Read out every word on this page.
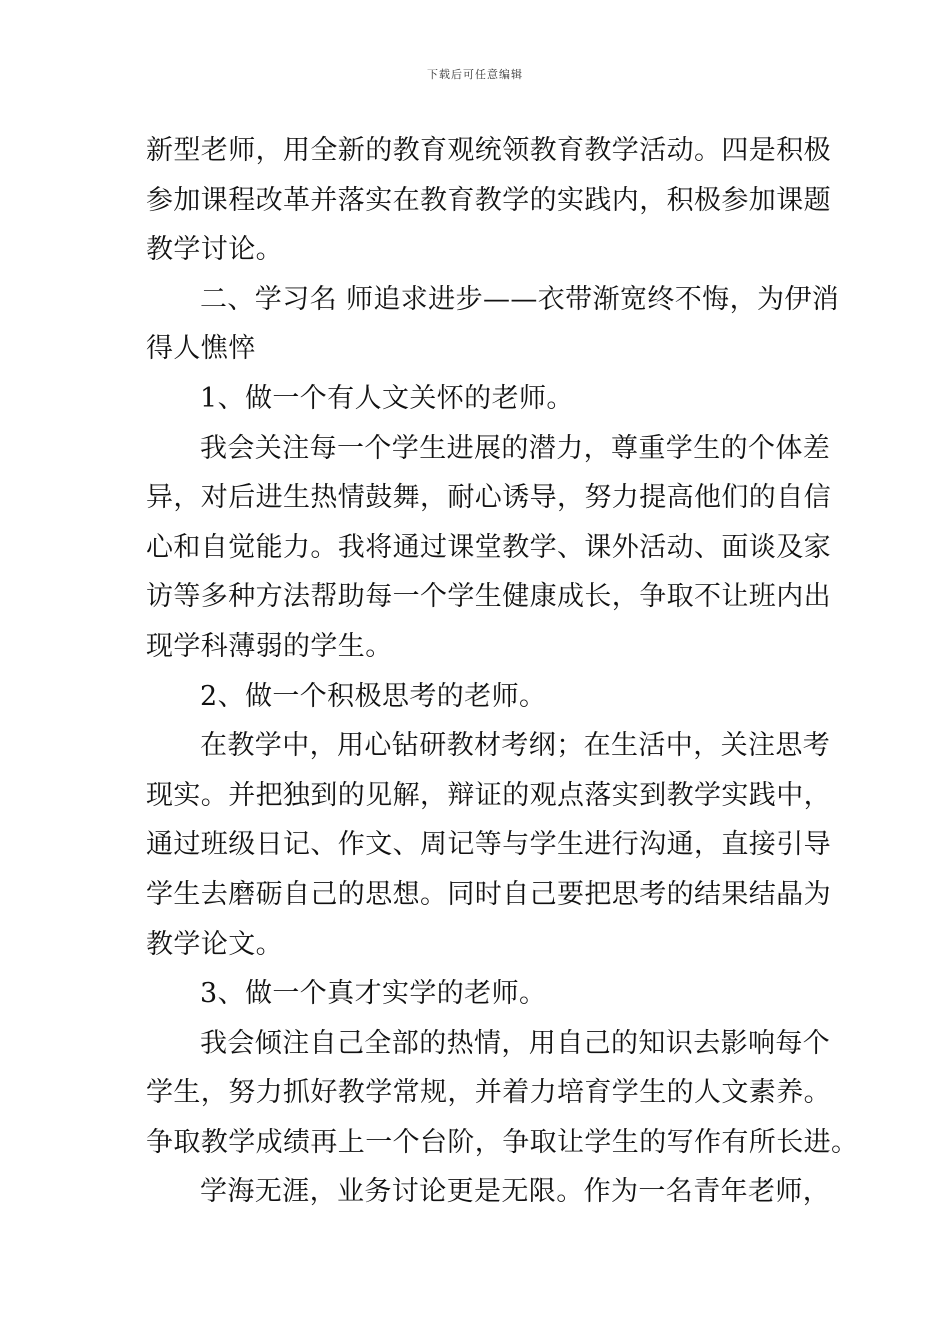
下载后可任意编辑
新型老师，用全新的教育观统领教育教学活动。四是积极
参加课程改革并落实在教育教学的实践内，积极参加课题
教学讨论。
二、学习名 师追求进步——衣带渐宽终不悔，为伊消
得人憔悴
1、做一个有人文关怀的老师。
我会关注每一个学生进展的潜力，尊重学生的个体差
异，对后进生热情鼓舞，耐心诱导，努力提高他们的自信
心和自觉能力。我将通过课堂教学、课外活动、面谈及家
访等多种方法帮助每一个学生健康成长，争取不让班内出
现学科薄弱的学生。
2、做一个积极思考的老师。
在教学中，用心钻研教材考纲；在生活中，关注思考
现实。并把独到的见解，辩证的观点落实到教学实践中，
通过班级日记、作文、周记等与学生进行沟通，直接引导
学生去磨砺自己的思想。同时自己要把思考的结果结晶为
教学论文。
3、做一个真才实学的老师。
我会倾注自己全部的热情，用自己的知识去影响每个
学生，努力抓好教学常规，并着力培育学生的人文素养。
争取教学成绩再上一个台阶，争取让学生的写作有所长进。
学海无涯，业务讨论更是无限。作为一名青年老师，
